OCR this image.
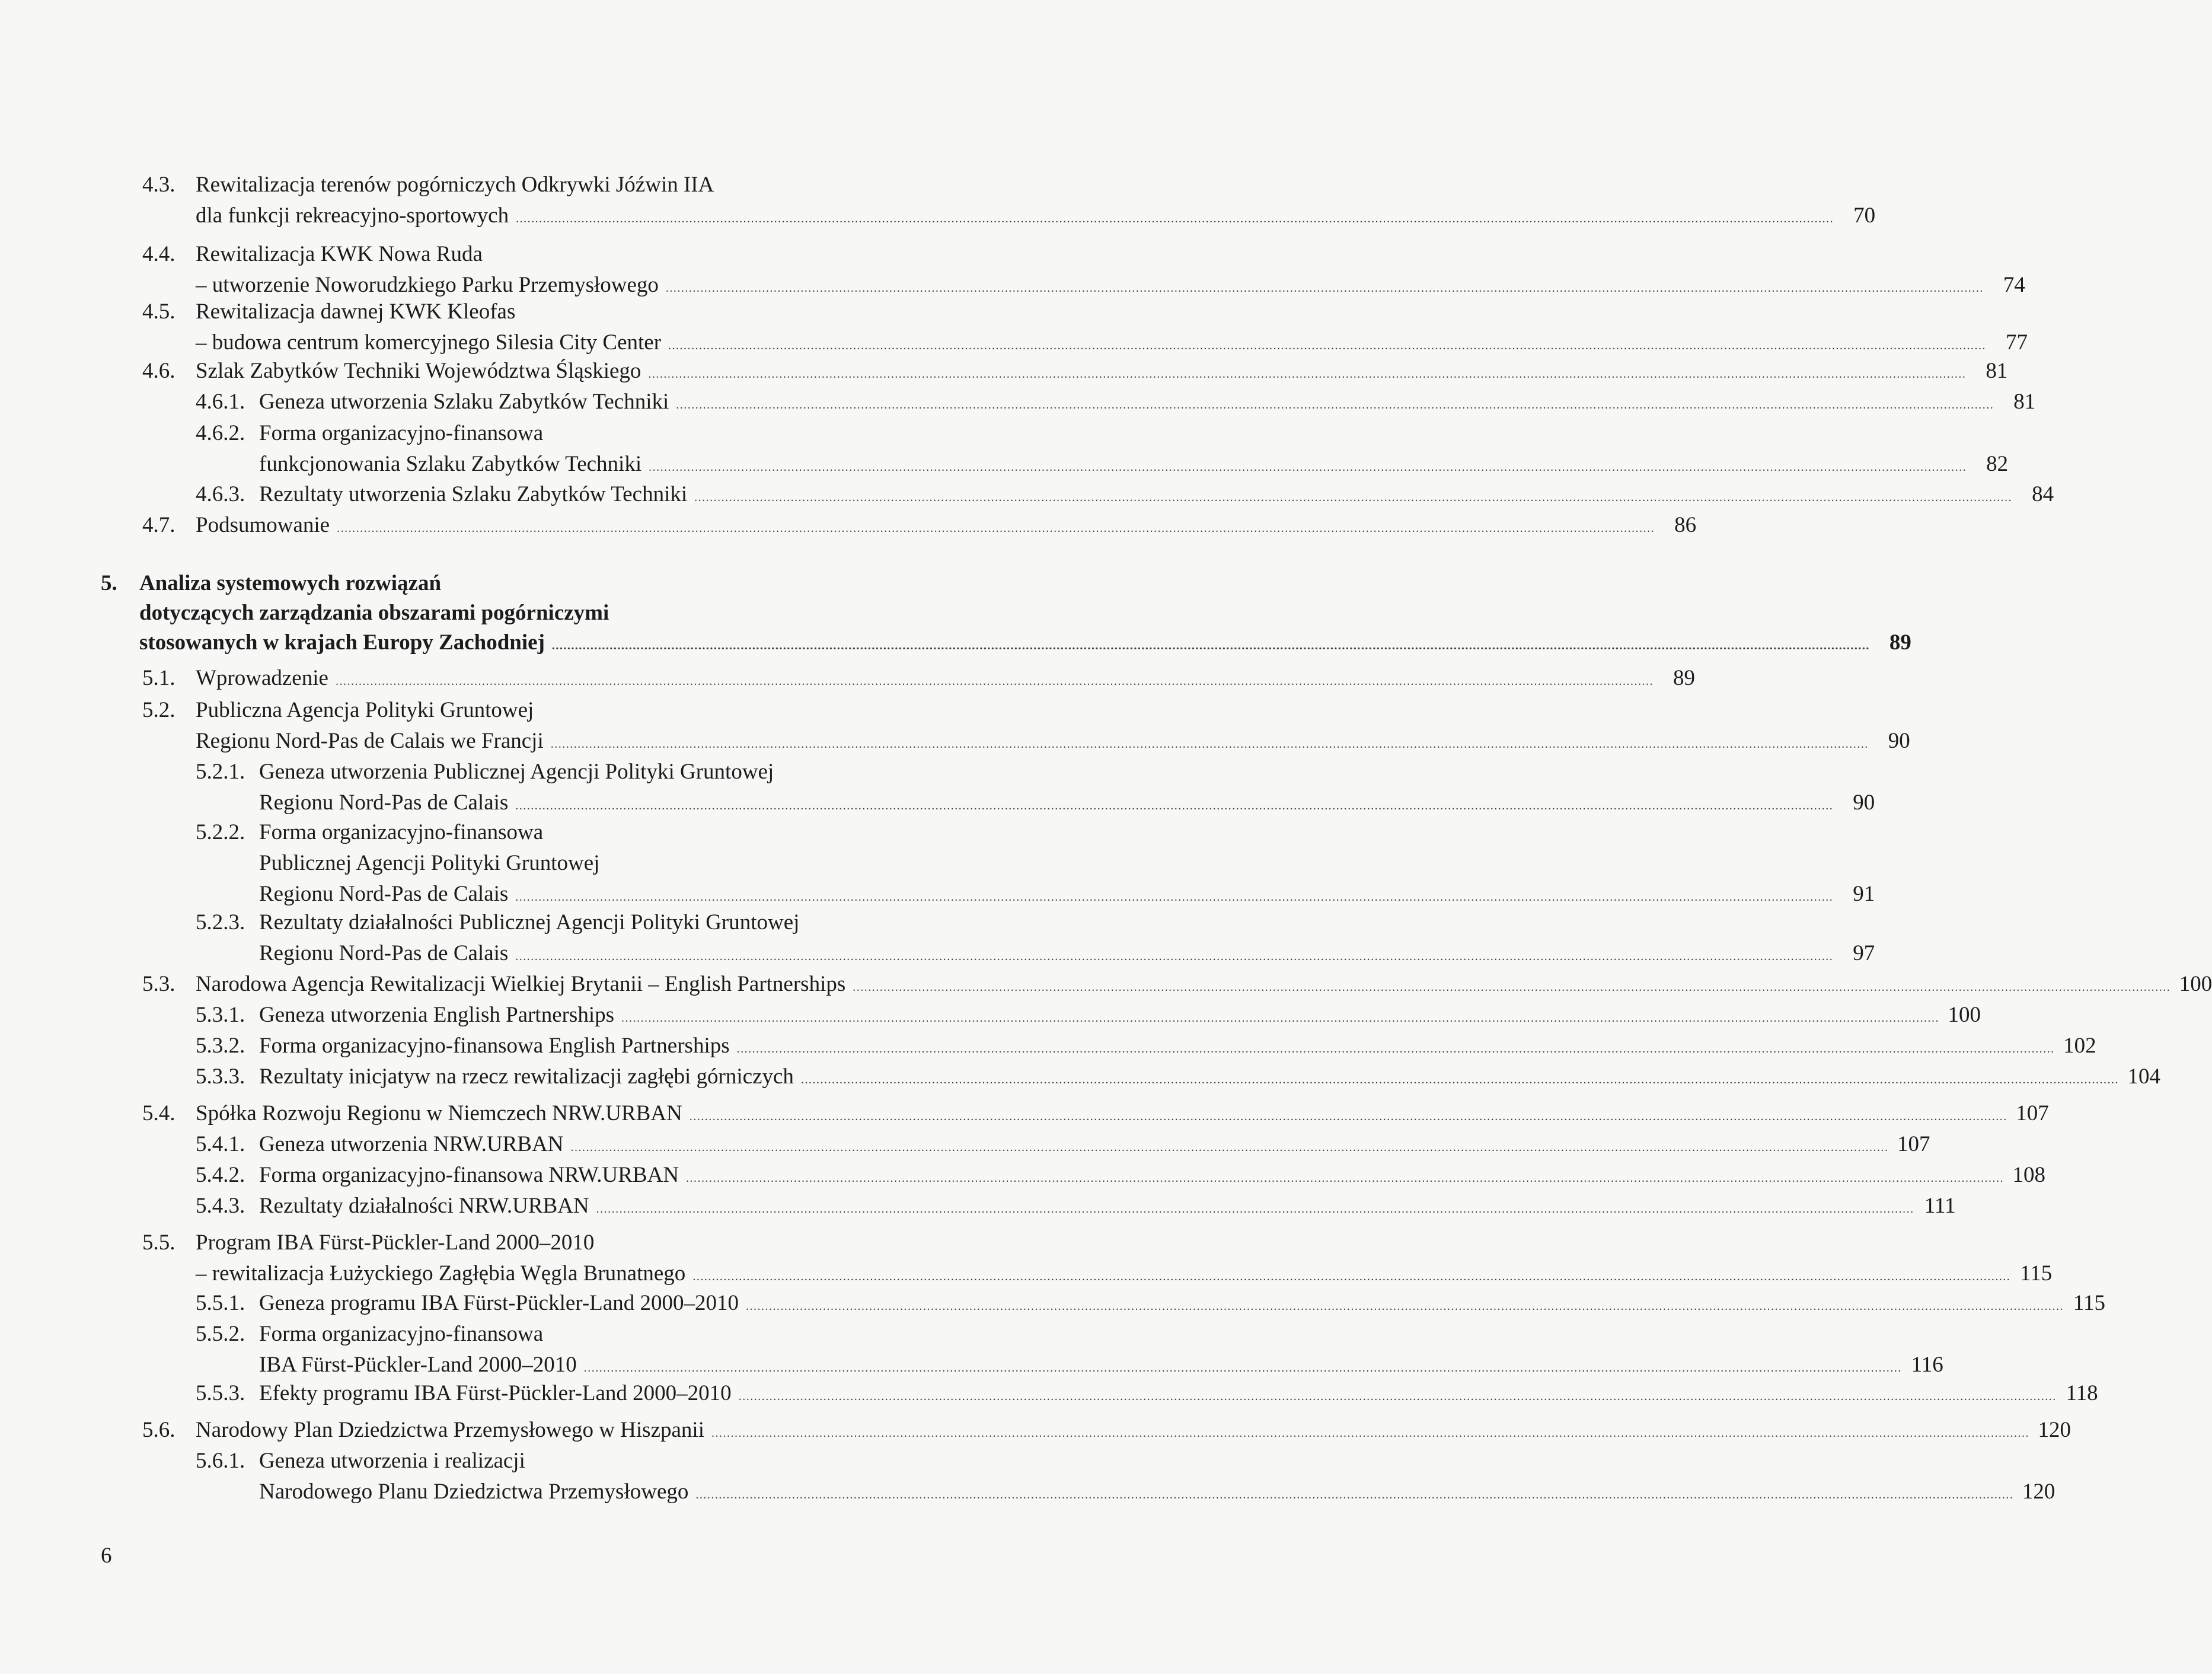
4.3. Rewitalizacja terenów pogórniczych Odkrywki Jóźwin IIA
dla funkcji rekreacyjno-sportowych .....	70
4.4. Rewitalizacja KWK Nowa Ruda
– utworzenie Noworudzkiego Parku Przemysłowego .....	74
4.5. Rewitalizacja dawnej KWK Kleofas
– budowa centrum komercyjnego Silesia City Center .....	77
4.6. Szlak Zabytków Techniki Województwa Śląskiego .....	81
4.6.1. Geneza utworzenia Szlaku Zabytków Techniki .....	81
4.6.2. Forma organizacyjno-finansowa
funkcjonowania Szlaku Zabytków Techniki .....	82
4.6.3. Rezultaty utworzenia Szlaku Zabytków Techniki .....	84
4.7. Podsumowanie .....	86
5. Analiza systemowych rozwiązań
dotyczących zarządzania obszarami pogórniczymi
stosowanych w krajach Europy Zachodniej .....	89
5.1. Wprowadzenie .....	89
5.2. Publiczna Agencja Polityki Gruntowej
Regionu Nord-Pas de Calais we Francji .....	90
5.2.1. Geneza utworzenia Publicznej Agencji Polityki Gruntowej
Regionu Nord-Pas de Calais .....	90
5.2.2. Forma organizacyjno-finansowa
Publicznej Agencji Polityki Gruntowej
Regionu Nord-Pas de Calais .....	91
5.2.3. Rezultaty działalności Publicznej Agencji Polityki Gruntowej
Regionu Nord-Pas de Calais .....	97
5.3. Narodowa Agencja Rewitalizacji Wielkiej Brytanii – English Partnerships .....	100
5.3.1. Geneza utworzenia English Partnerships .....	100
5.3.2. Forma organizacyjno-finansowa English Partnerships .....	102
5.3.3. Rezultaty inicjatyw na rzecz rewitalizacji zagłębi górniczych .....	104
5.4. Spółka Rozwoju Regionu w Niemczech NRW.URBAN .....	107
5.4.1. Geneza utworzenia NRW.URBAN .....	107
5.4.2. Forma organizacyjno-finansowa NRW.URBAN .....	108
5.4.3. Rezultaty działalności NRW.URBAN .....	111
5.5. Program IBA Fürst-Pückler-Land 2000–2010
– rewitalizacja Łużyckiego Zagłębia Węgla Brunatnego .....	115
5.5.1. Geneza programu IBA Fürst-Pückler-Land 2000–2010 .....	115
5.5.2. Forma organizacyjno-finansowa
IBA Fürst-Pückler-Land 2000–2010 .....	116
5.5.3. Efekty programu IBA Fürst-Pückler-Land 2000–2010 .....	118
5.6. Narodowy Plan Dziedzictwa Przemysłowego w Hiszpanii .....	120
5.6.1. Geneza utworzenia i realizacji
Narodowego Planu Dziedzictwa Przemysłowego .....	120
6
